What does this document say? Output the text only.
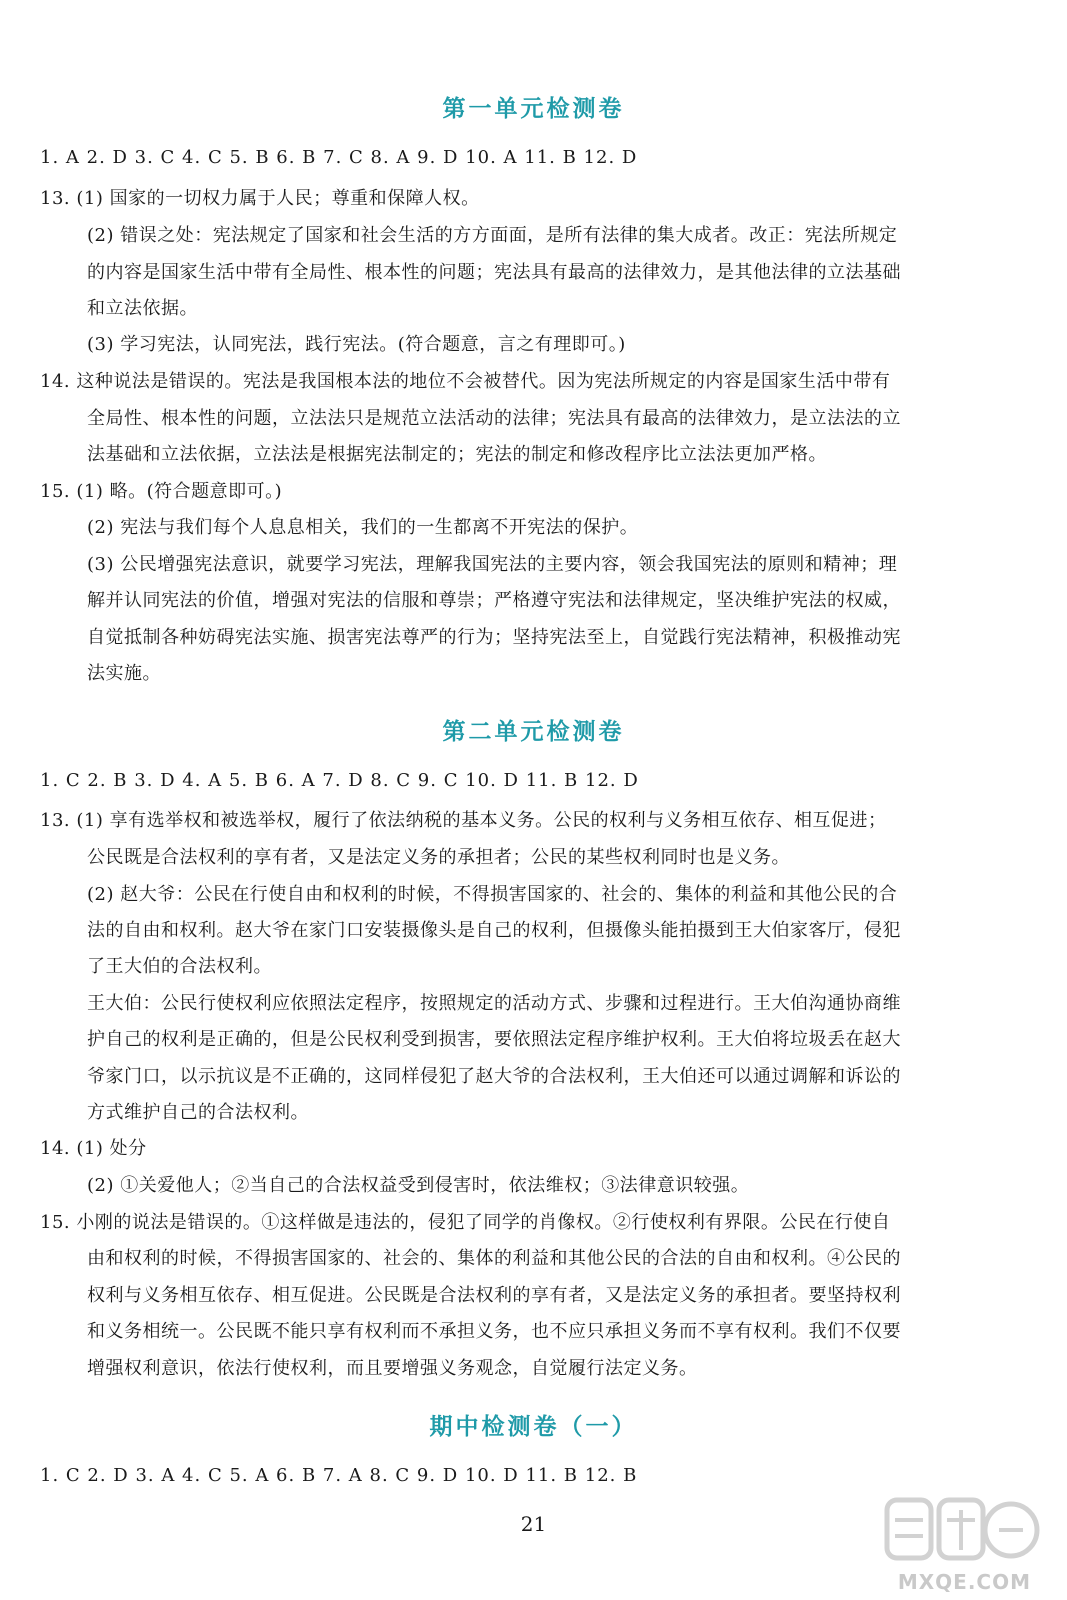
第一单元检测卷
1. A 2. D 3. C 4. C 5. B 6. B 7. C 8. A 9. D 10. A 11. B 12. D
13. (1) 国家的一切权力属于人民；尊重和保障人权。
(2) 错误之处：宪法规定了国家和社会生活的方方面面，是所有法律的集大成者。改正：宪法所规定
的内容是国家生活中带有全局性、根本性的问题；宪法具有最高的法律效力，是其他法律的立法基础
和立法依据。
(3) 学习宪法，认同宪法，践行宪法。(符合题意，言之有理即可。)
14. 这种说法是错误的。宪法是我国根本法的地位不会被替代。因为宪法所规定的内容是国家生活中带有
全局性、根本性的问题，立法法只是规范立法活动的法律；宪法具有最高的法律效力，是立法法的立
法基础和立法依据，立法法是根据宪法制定的；宪法的制定和修改程序比立法法更加严格。
15. (1) 略。(符合题意即可。)
(2) 宪法与我们每个人息息相关，我们的一生都离不开宪法的保护。
(3) 公民增强宪法意识，就要学习宪法，理解我国宪法的主要内容，领会我国宪法的原则和精神；理
解并认同宪法的价值，增强对宪法的信服和尊崇；严格遵守宪法和法律规定，坚决维护宪法的权威，
自觉抵制各种妨碍宪法实施、损害宪法尊严的行为；坚持宪法至上，自觉践行宪法精神，积极推动宪
法实施。
第二单元检测卷
1. C 2. B 3. D 4. A 5. B 6. A 7. D 8. C 9. C 10. D 11. B 12. D
13. (1) 享有选举权和被选举权，履行了依法纳税的基本义务。公民的权利与义务相互依存、相互促进；
公民既是合法权利的享有者，又是法定义务的承担者；公民的某些权利同时也是义务。
(2) 赵大爷：公民在行使自由和权利的时候，不得损害国家的、社会的、集体的利益和其他公民的合
法的自由和权利。赵大爷在家门口安装摄像头是自己的权利，但摄像头能拍摄到王大伯家客厅，侵犯
了王大伯的合法权利。
王大伯：公民行使权利应依照法定程序，按照规定的活动方式、步骤和过程进行。王大伯沟通协商维
护自己的权利是正确的，但是公民权利受到损害，要依照法定程序维护权利。王大伯将垃圾丢在赵大
爷家门口，以示抗议是不正确的，这同样侵犯了赵大爷的合法权利，王大伯还可以通过调解和诉讼的
方式维护自己的合法权利。
14. (1) 处分
(2) ①关爱他人；②当自己的合法权益受到侵害时，依法维权；③法律意识较强。
15. 小刚的说法是错误的。①这样做是违法的，侵犯了同学的肖像权。②行使权利有界限。公民在行使自
由和权利的时候，不得损害国家的、社会的、集体的利益和其他公民的合法的自由和权利。④公民的
权利与义务相互依存、相互促进。公民既是合法权利的享有者，又是法定义务的承担者。要坚持权利
和义务相统一。公民既不能只享有权利而不承担义务，也不应只承担义务而不享有权利。我们不仅要
增强权利意识，依法行使权利，而且要增强义务观念，自觉履行法定义务。
期中检测卷（一）
1. C 2. D 3. A 4. C 5. A 6. B 7. A 8. C 9. D 10. D 11. B 12. B
21
MXQE.COM
